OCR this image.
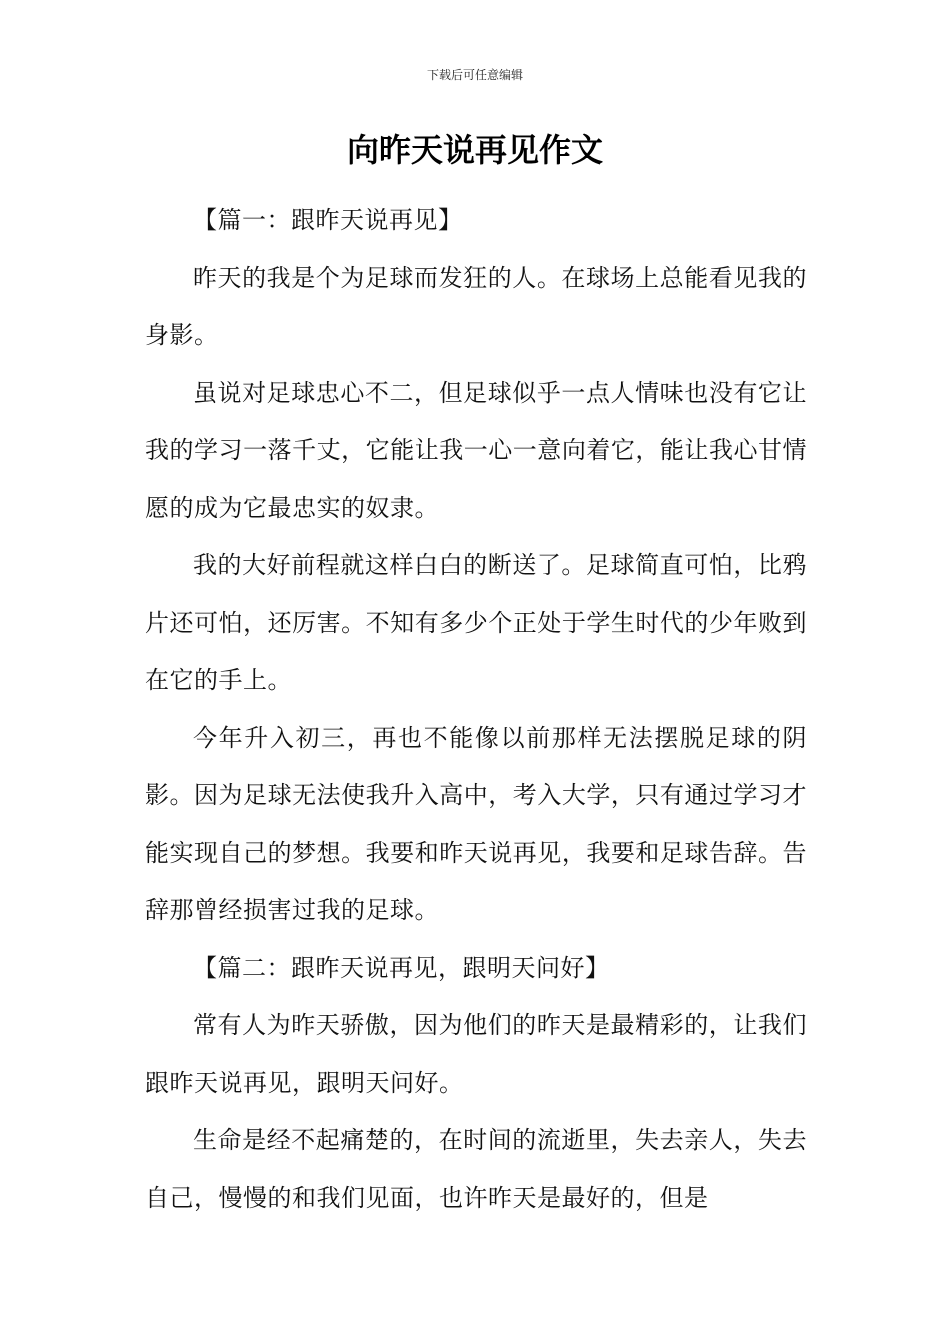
下载后可任意编辑
向昨天说再见作文

【篇一：跟昨天说再见】

昨天的我是个为足球而发狂的人。在球场上总能看见我的身影。

虽说对足球忠心不二，但足球似乎一点人情味也没有它让我的学习一落千丈，它能让我一心一意向着它，能让我心甘情愿的成为它最忠实的奴隶。

我的大好前程就这样白白的断送了。足球简直可怕，比鸦片还可怕，还厉害。不知有多少个正处于学生时代的少年败到在它的手上。

今年升入初三，再也不能像以前那样无法摆脱足球的阴影。因为足球无法使我升入高中，考入大学，只有通过学习才能实现自己的梦想。我要和昨天说再见，我要和足球告辞。告辞那曾经损害过我的足球。

【篇二：跟昨天说再见，跟明天问好】

常有人为昨天骄傲，因为他们的昨天是最精彩的，让我们跟昨天说再见，跟明天问好。

生命是经不起痛楚的，在时间的流逝里，失去亲人，失去自己，慢慢的和我们见面，也许昨天是最好的，但是
